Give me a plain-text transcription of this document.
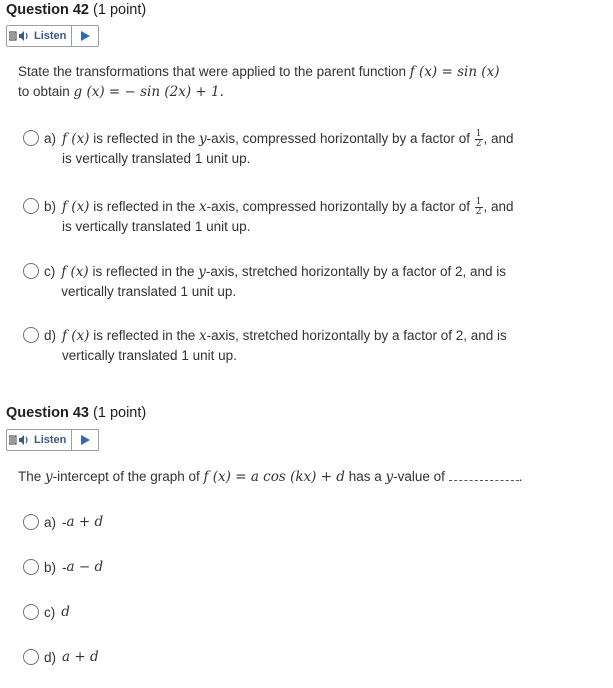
Question 42 (1 point)
Listen
State the transformations that were applied to the parent function f (x) = sin (x)
to obtain g (x) = − sin (2x) + 1.
a) f (x) is reflected in the y-axis, compressed horizontally by a factor of $\frac{1}{2}$ , and
is vertically translated 1 unit up.
b) f (x) is reflected in the x-axis, compressed horizontally by a factor of $\frac{1}{2}$ , and
is vertically translated 1 unit up.
c) f (x) is reflected in the y-axis, stretched horizontally by a factor of 2, and is
vertically translated 1 unit up.
d) f (x) is reflected in the x-axis, stretched horizontally by a factor of 2, and is
vertically translated 1 unit up.
Question 43 (1 point)
Listen
The y-intercept of the graph of f (x) = a cos (kx) + d has a y-value of	.
a) - a + d
b) - a − d
c) d
d) a + d
